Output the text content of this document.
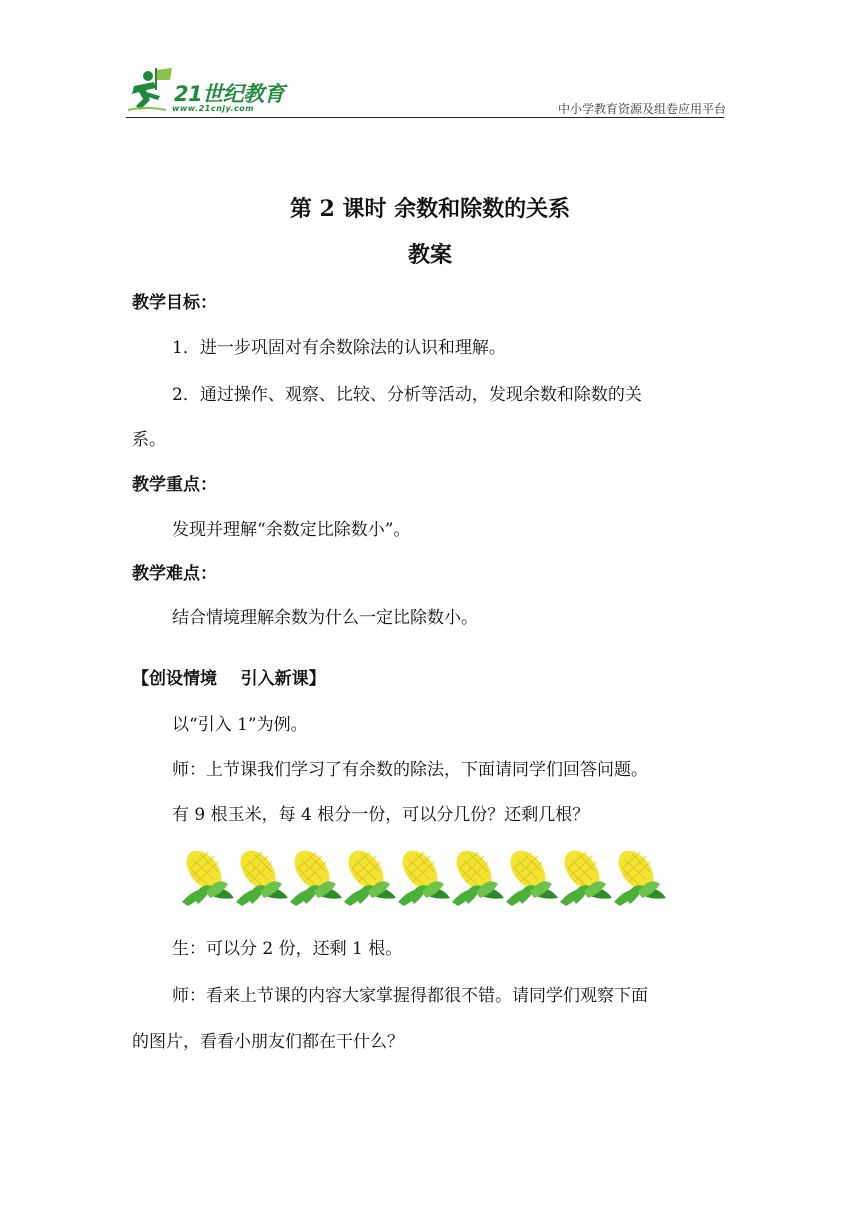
21世纪教育
www.21cnjy.com	中小学教育资源及组卷应用平台
第 2 课时 余数和除数的关系
教案
教学目标：
1．进一步巩固对有余数除法的认识和理解。
2．通过操作、观察、比较、分析等活动，发现余数和除数的关
系。
教学重点：
发现并理解“余数定比除数小”。
教学难点：
结合情境理解余数为什么一定比除数小。
【创设情境    引入新课】
以“引入 1”为例。
师：上节课我们学习了有余数的除法，下面请同学们回答问题。
有 9 根玉米，每 4 根分一份，可以分几份？还剩几根？
生：可以分 2 份，还剩 1 根。
师：看来上节课的内容大家掌握得都很不错。请同学们观察下面
的图片，看看小朋友们都在干什么？
